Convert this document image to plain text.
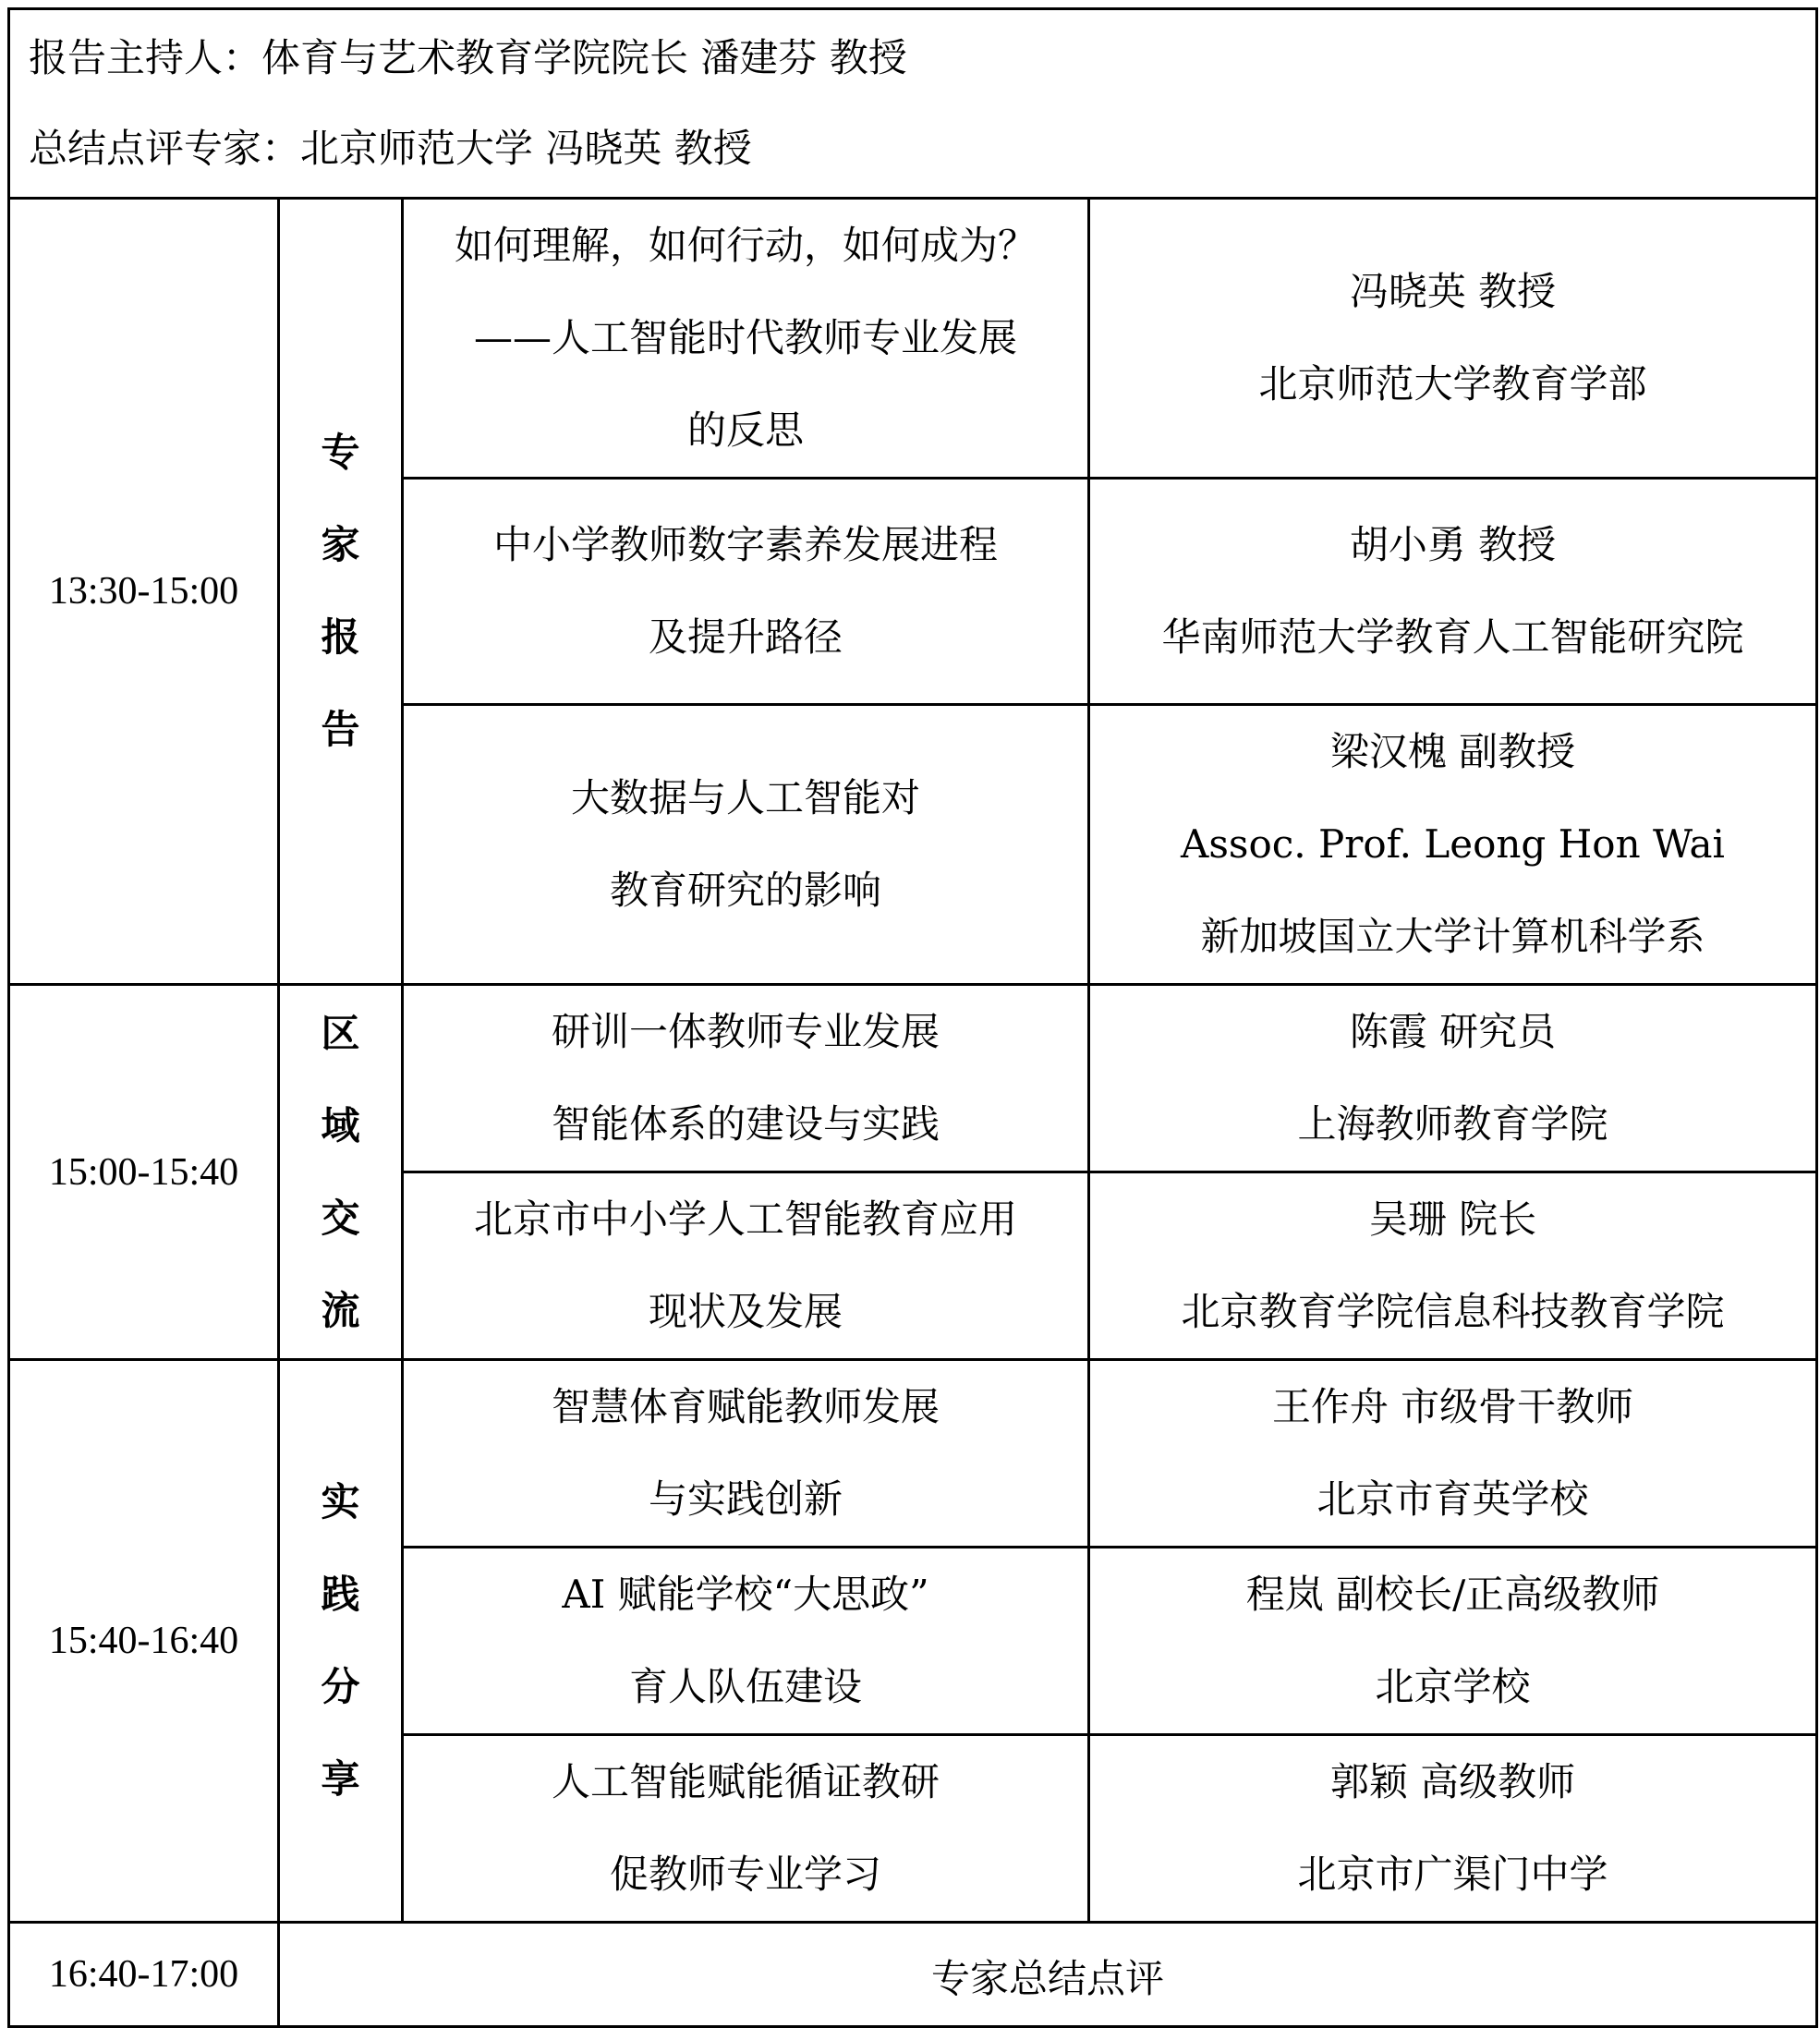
报告主持人：体育与艺术教育学院院长 潘建芬 教授
总结点评专家：北京师范大学 冯晓英 教授			

13:30-15:00	专
家
报
告	如何理解，如何行动，如何成为？
——人工智能时代教师专业发展
的反思	冯晓英 教授
北京师范大学教育学部

		中小学教师数字素养发展进程
及提升路径	胡小勇 教授
华南师范大学教育人工智能研究院

		大数据与人工智能对
教育研究的影响	梁汉槐 副教授
Assoc. Prof. Leong Hon Wai
新加坡国立大学计算机科学系

15:00-15:40	区
域
交
流	研训一体教师专业发展
智能体系的建设与实践	陈霞 研究员
上海教师教育学院

		北京市中小学人工智能教育应用
现状及发展	吴珊 院长
北京教育学院信息科技教育学院

15:40-16:40	实
践
分
享	智慧体育赋能教师发展
与实践创新	王作舟 市级骨干教师
北京市育英学校

		AI 赋能学校“大思政”
育人队伍建设	程岚 副校长/正高级教师
北京学校

		人工智能赋能循证教研
促教师专业学习	郭颖 高级教师
北京市广渠门中学

16:40-17:00	专家总结点评		
